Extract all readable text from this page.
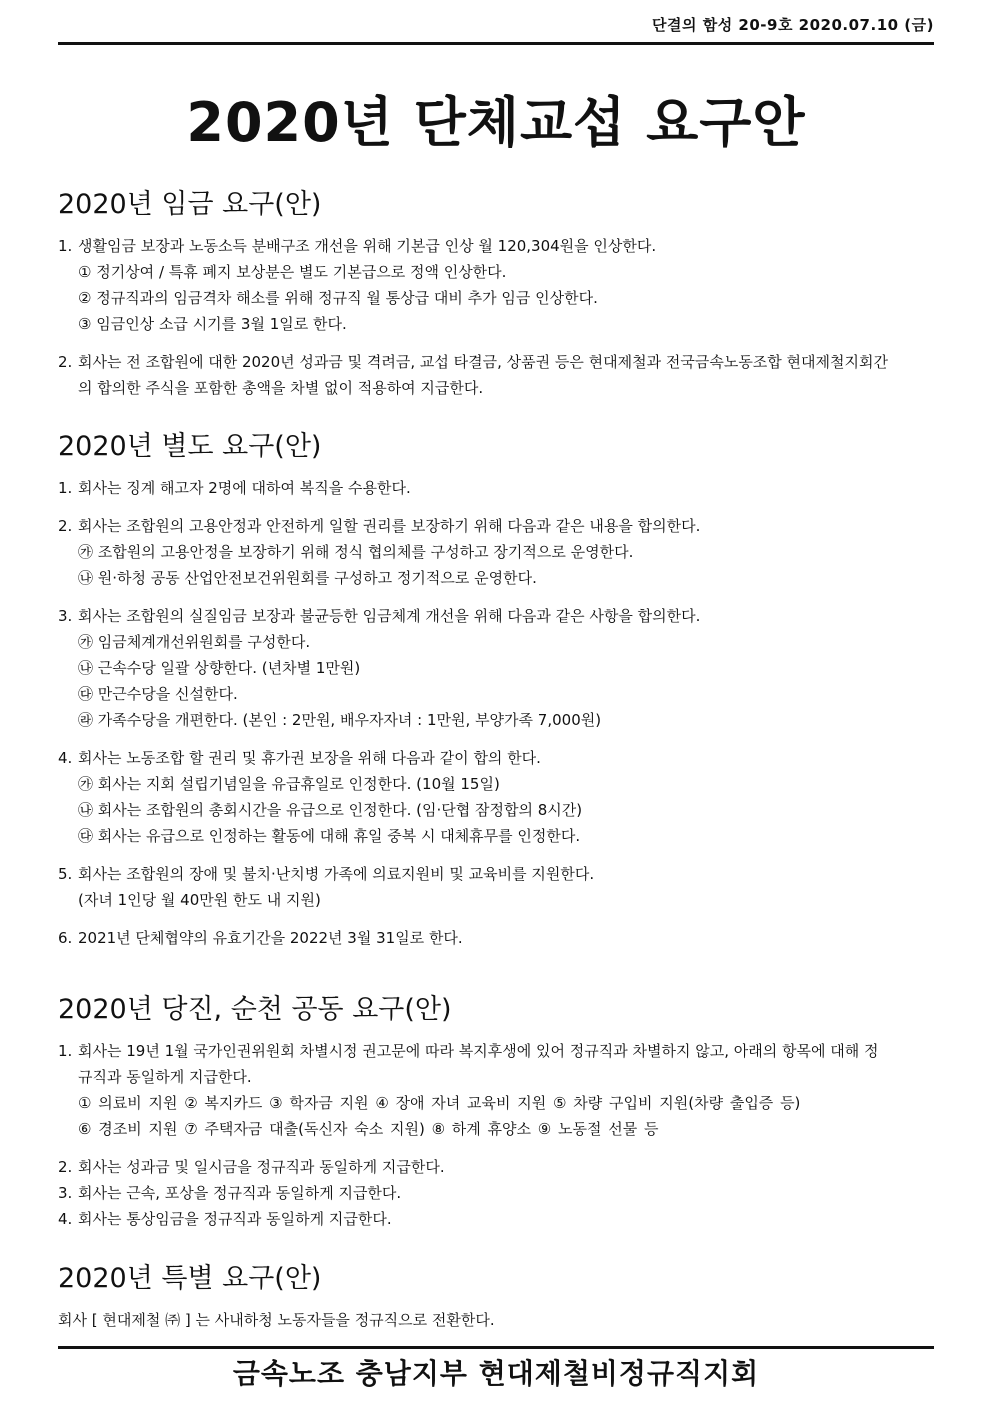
단결의 함성 20-9호 2020.07.10 (금)
2020년 단체교섭 요구안
2020년 임금 요구(안)
1. 생활임금 보장과 노동소득 분배구조 개선을 위해 기본급 인상 월 120,304원을 인상한다.
① 정기상여 / 특휴 폐지 보상분은 별도 기본급으로 정액 인상한다.
② 정규직과의 임금격차 해소를 위해 정규직 월 통상급 대비 추가 임금 인상한다.
③ 임금인상 소급 시기를 3월 1일로 한다.
2. 회사는 전 조합원에 대한 2020년 성과금 및 격려금, 교섭 타결금, 상품권 등은 현대제철과 전국금속노동조합 현대제철지회간
의 합의한 주식을 포함한 총액을 차별 없이 적용하여 지급한다.
2020년 별도 요구(안)
1. 회사는 징계 해고자 2명에 대하여 복직을 수용한다.
2. 회사는 조합원의 고용안정과 안전하게 일할 권리를 보장하기 위해 다음과 같은 내용을 합의한다.
㉮ 조합원의 고용안정을 보장하기 위해 정식 협의체를 구성하고 장기적으로 운영한다.
㉯ 원·하청 공동 산업안전보건위원회를 구성하고 정기적으로 운영한다.
3. 회사는 조합원의 실질임금 보장과 불균등한 임금체계 개선을 위해 다음과 같은 사항을 합의한다.
㉮ 임금체계개선위원회를 구성한다.
㉯ 근속수당 일괄 상향한다. (년차별 1만원)
㉰ 만근수당을 신설한다.
㉱ 가족수당을 개편한다. (본인 : 2만원, 배우자자녀 : 1만원, 부양가족 7,000원)
4. 회사는 노동조합 할 권리 및 휴가권 보장을 위해 다음과 같이 합의 한다.
㉮ 회사는 지회 설립기념일을 유급휴일로 인정한다. (10월 15일)
㉯ 회사는 조합원의 총회시간을 유급으로 인정한다. (임·단협 잠정합의 8시간)
㉰ 회사는 유급으로 인정하는 활동에 대해 휴일 중복 시 대체휴무를 인정한다.
5. 회사는 조합원의 장애 및 불치·난치병 가족에 의료지원비 및 교육비를 지원한다.
(자녀 1인당 월 40만원 한도 내 지원)
6. 2021년 단체협약의 유효기간을 2022년 3월 31일로 한다.
2020년 당진, 순천 공동 요구(안)
1. 회사는 19년 1월 국가인권위원회 차별시정 권고문에 따라 복지후생에 있어 정규직과 차별하지 않고, 아래의 항목에 대해 정
규직과 동일하게 지급한다.
① 의료비 지원 ② 복지카드 ③ 학자금 지원 ④ 장애 자녀 교육비 지원 ⑤ 차량 구입비 지원(차량 출입증 등)
⑥ 경조비 지원 ⑦ 주택자금 대출(독신자 숙소 지원) ⑧ 하계 휴양소 ⑨ 노동절 선물 등
2. 회사는 성과금 및 일시금을 정규직과 동일하게 지급한다.
3. 회사는 근속, 포상을 정규직과 동일하게 지급한다.
4. 회사는 통상임금을 정규직과 동일하게 지급한다.
2020년 특별 요구(안)
회사 [ 현대제철 ㈜ ] 는 사내하청 노동자들을 정규직으로 전환한다.
금속노조 충남지부 현대제철비정규직지회
